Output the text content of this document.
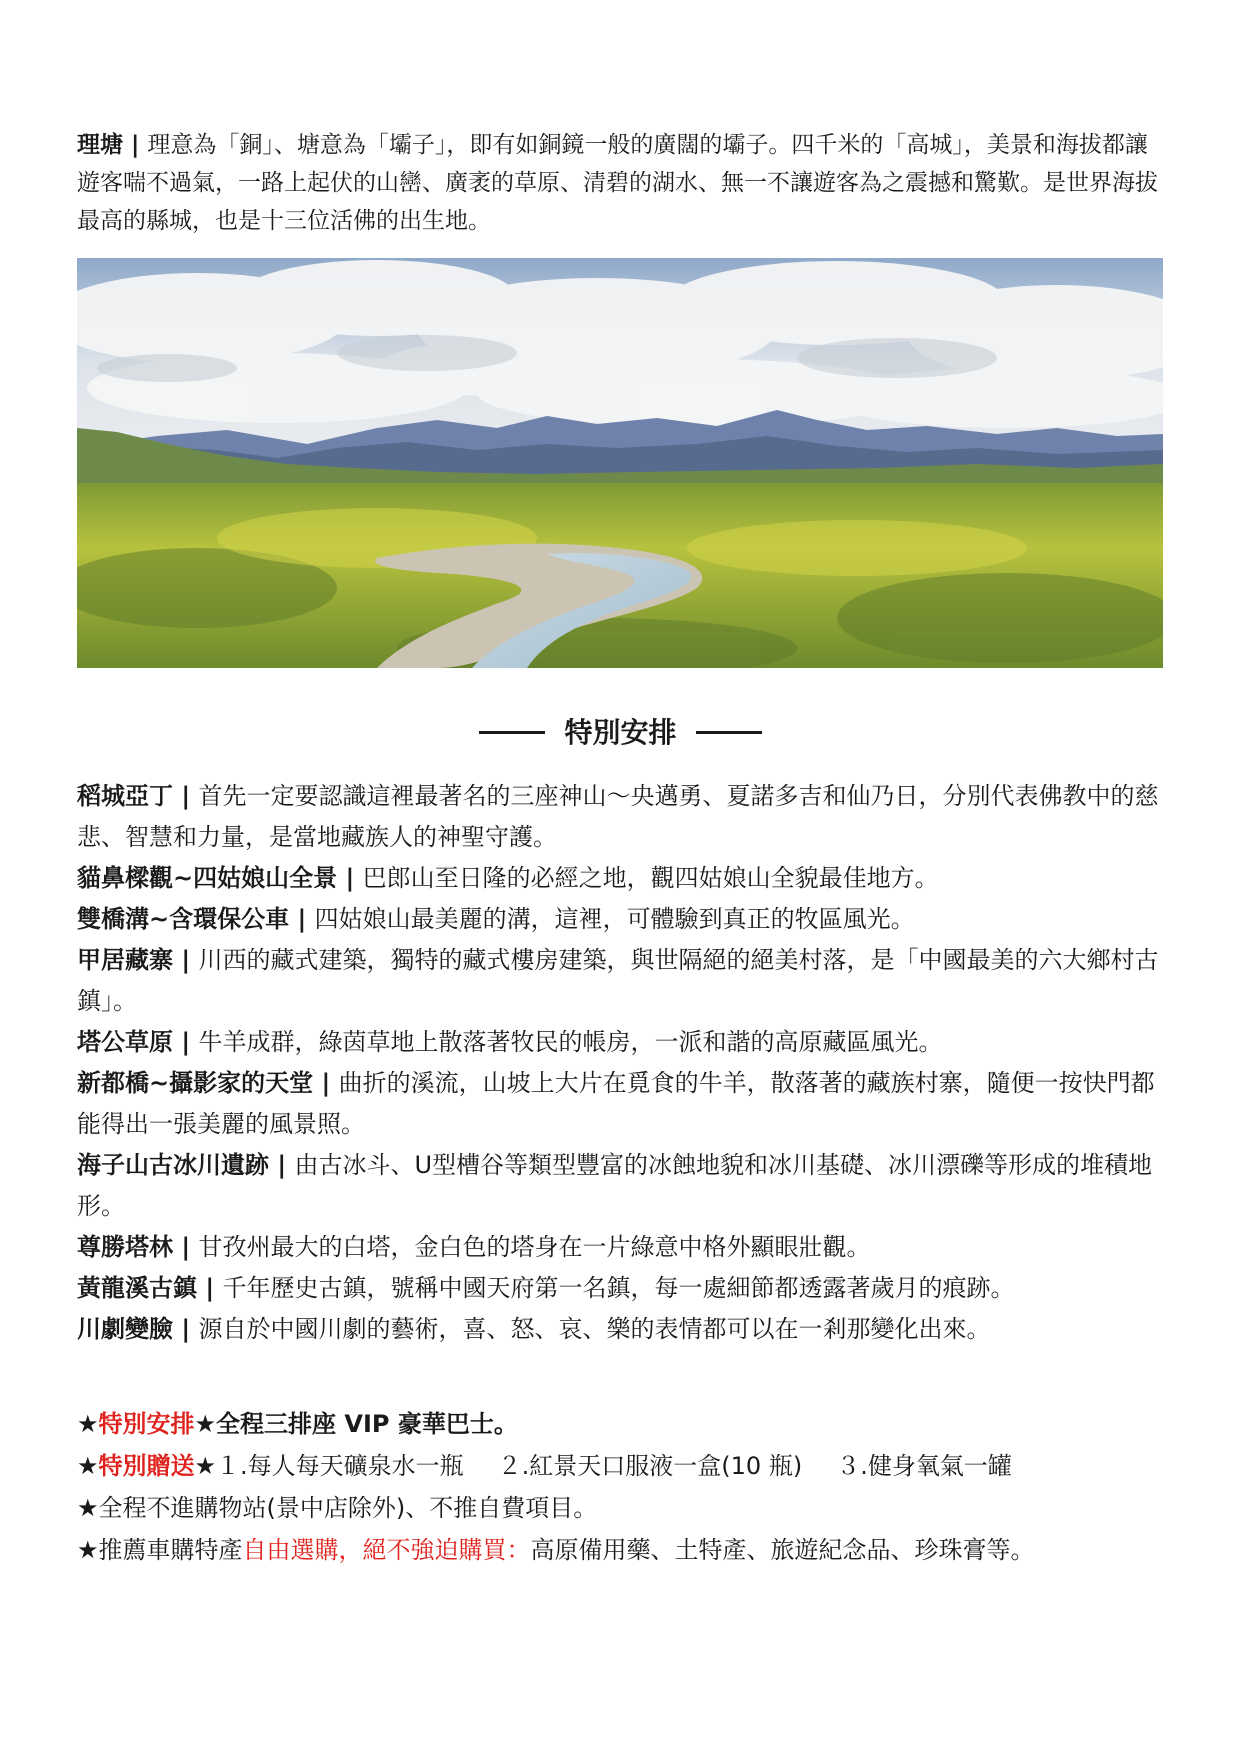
理塘 | 理意為「銅」、塘意為「壩子」，即有如銅鏡一般的廣闊的壩子。四千米的「高城」，美景和海拔都讓遊客喘不過氣，一路上起伏的山巒、廣袤的草原、清碧的湖水、無一不讓遊客為之震撼和驚歎。是世界海拔最高的縣城，也是十三位活佛的出生地。

特別安排
稻城亞丁 | 首先一定要認識這裡最著名的三座神山～央邁勇、夏諾多吉和仙乃日，分別代表佛教中的慈悲、智慧和力量，是當地藏族人的神聖守護。
貓鼻樑觀~四姑娘山全景 | 巴郎山至日隆的必經之地，觀四姑娘山全貌最佳地方。
雙橋溝~含環保公車 | 四姑娘山最美麗的溝，這裡，可體驗到真正的牧區風光。
甲居藏寨 | 川西的藏式建築，獨特的藏式樓房建築，與世隔絕的絕美村落，是「中國最美的六大鄉村古鎮」。
塔公草原 | 牛羊成群，綠茵草地上散落著牧民的帳房，一派和諧的高原藏區風光。
新都橋~攝影家的天堂 | 曲折的溪流，山坡上大片在覓食的牛羊，散落著的藏族村寨，隨便一按快門都能得出一張美麗的風景照。
海子山古冰川遺跡 | 由古冰斗、U型槽谷等類型豐富的冰蝕地貌和冰川基礎、冰川漂礫等形成的堆積地形。
尊勝塔林 | 甘孜州最大的白塔，金白色的塔身在一片綠意中格外顯眼壯觀。
黃龍溪古鎮 | 千年歷史古鎮，號稱中國天府第一名鎮，每一處細節都透露著歲月的痕跡。
川劇變臉 | 源自於中國川劇的藝術，喜、怒、哀、樂的表情都可以在一剎那變化出來。
★特別安排★全程三排座 VIP 豪華巴士。
★特別贈送★１.每人每天礦泉水一瓶 ２.紅景天口服液一盒(10 瓶) ３.健身氧氣一罐
★全程不進購物站(景中店除外)、不推自費項目。
★推薦車購特產自由選購，絕不強迫購買：高原備用藥、土特產、旅遊紀念品、珍珠膏等。
